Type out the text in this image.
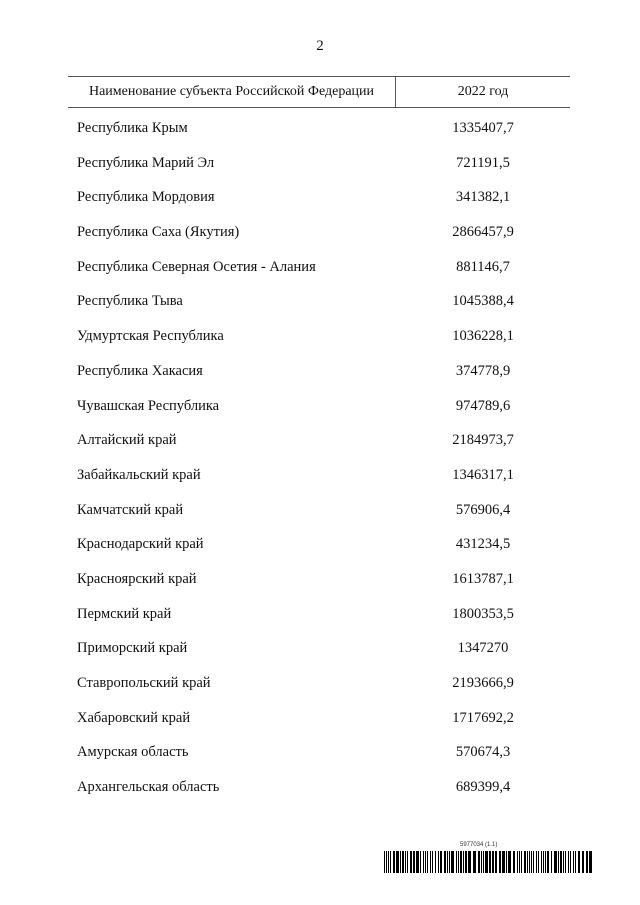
2
Наименование субъекта Российской Федерации	2022 год
Республика Крым	1335407,7
Республика Марий Эл	721191,5
Республика Мордовия	341382,1
Республика Саха (Якутия)	2866457,9
Республика Северная Осетия - Алания	881146,7
Республика Тыва	1045388,4
Удмуртская Республика	1036228,1
Республика Хакасия	374778,9
Чувашская Республика	974789,6
Алтайский край	2184973,7
Забайкальский край	1346317,1
Камчатский край	576906,4
Краснодарский край	431234,5
Красноярский край	1613787,1
Пермский край	1800353,5
Приморский край	1347270
Ставропольский край	2193666,9
Хабаровский край	1717692,2
Амурская область	570674,3
Архангельская область	689399,4
5977034 (1.1)
